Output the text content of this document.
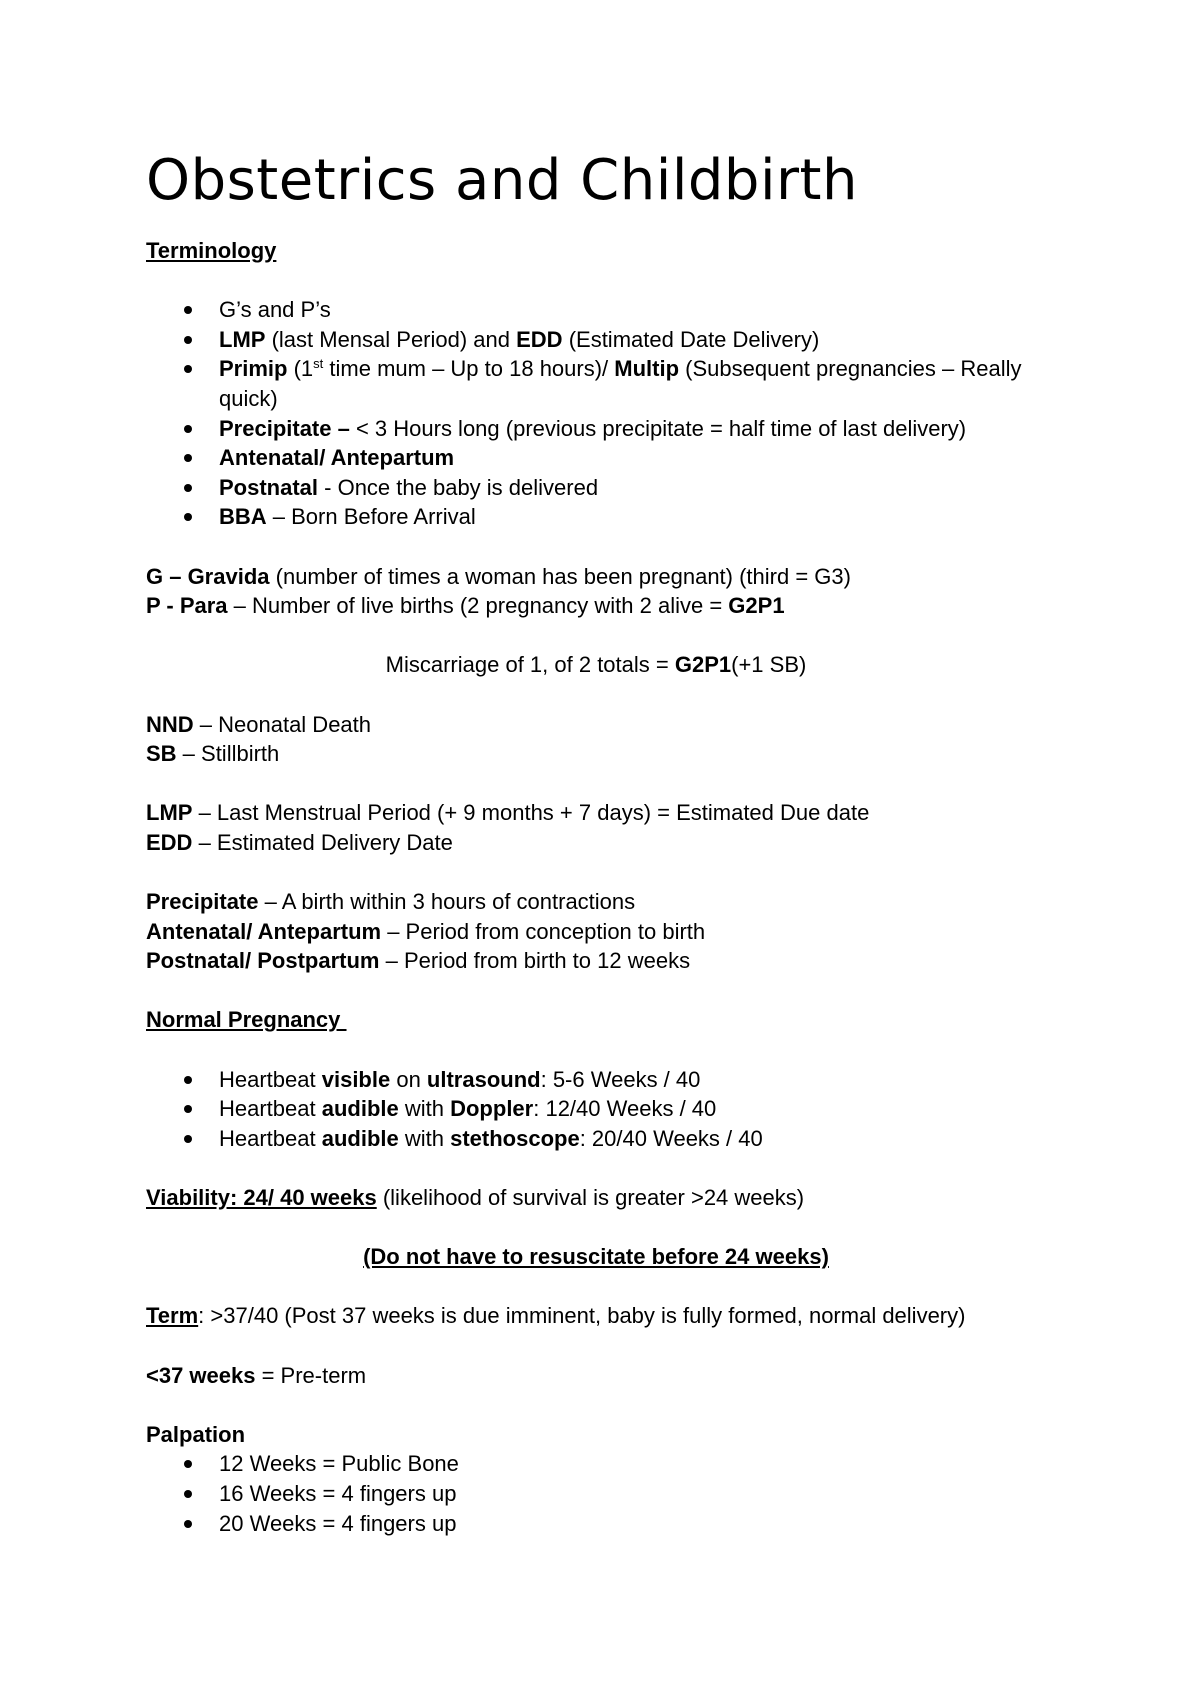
Obstetrics and Childbirth

Terminology

G’s and P’s
LMP (last Mensal Period) and EDD (Estimated Date Delivery)
Primip (1st time mum – Up to 18 hours)/ Multip (Subsequent pregnancies – Really quick)
Precipitate – < 3 Hours long (previous precipitate = half time of last delivery)
Antenatal/ Antepartum
Postnatal - Once the baby is delivered
BBA – Born Before Arrival

G – Gravida (number of times a woman has been pregnant) (third = G3)

P - Para – Number of live births (2 pregnancy with 2 alive = G2P1

Miscarriage of 1, of 2 totals = G2P1(+1 SB)

NND – Neonatal Death

SB – Stillbirth

LMP – Last Menstrual Period (+ 9 months + 7 days) = Estimated Due date

EDD – Estimated Delivery Date

Precipitate – A birth within 3 hours of contractions

Antenatal/ Antepartum – Period from conception to birth

Postnatal/ Postpartum – Period from birth to 12 weeks

Normal Pregnancy

Heartbeat visible on ultrasound: 5-6 Weeks / 40
Heartbeat audible with Doppler: 12/40 Weeks / 40
Heartbeat audible with stethoscope: 20/40 Weeks / 40

Viability: 24/ 40 weeks (likelihood of survival is greater >24 weeks)

(Do not have to resuscitate before 24 weeks)

Term: >37/40 (Post 37 weeks is due imminent, baby is fully formed, normal delivery)

<37 weeks = Pre-term

Palpation

12 Weeks = Public Bone
16 Weeks = 4 fingers up
20 Weeks = 4 fingers up
